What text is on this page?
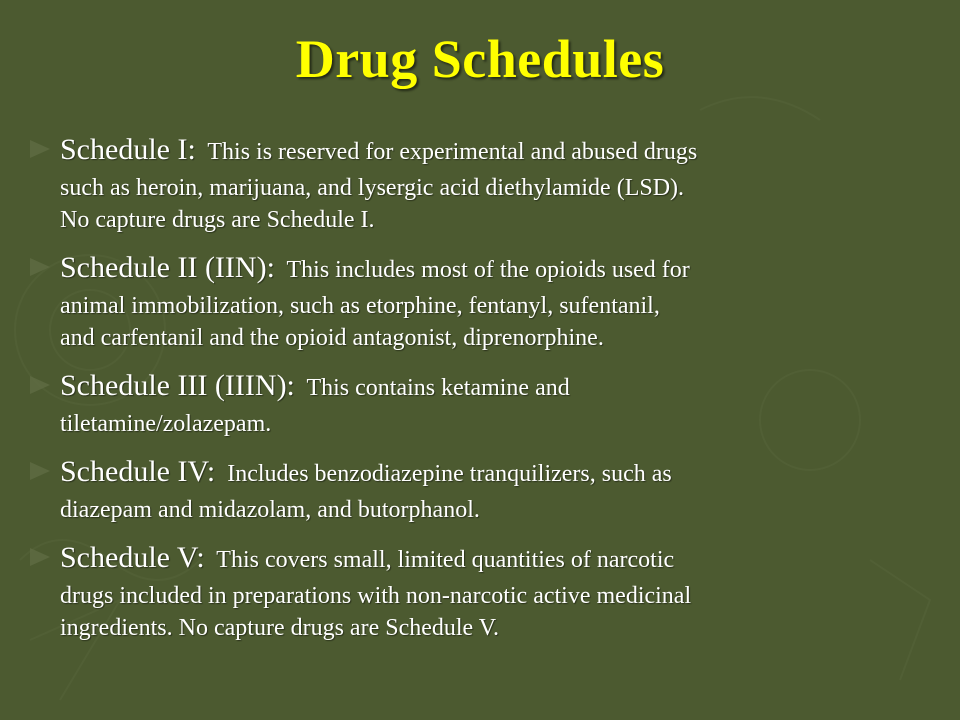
Drug Schedules
Schedule I: This is reserved for experimental and abused drugs
such as heroin, marijuana, and lysergic acid diethylamide (LSD).
No capture drugs are Schedule I.
Schedule II (IIN): This includes most of the opioids used for
animal immobilization, such as etorphine, fentanyl, sufentanil,
and carfentanil and the opioid antagonist, diprenorphine.
Schedule III (IIIN): This contains ketamine and
tiletamine/zolazepam.
Schedule IV: Includes benzodiazepine tranquilizers, such as
diazepam and midazolam, and butorphanol.
Schedule V: This covers small, limited quantities of narcotic
drugs included in preparations with non-narcotic active medicinal
ingredients. No capture drugs are Schedule V.
